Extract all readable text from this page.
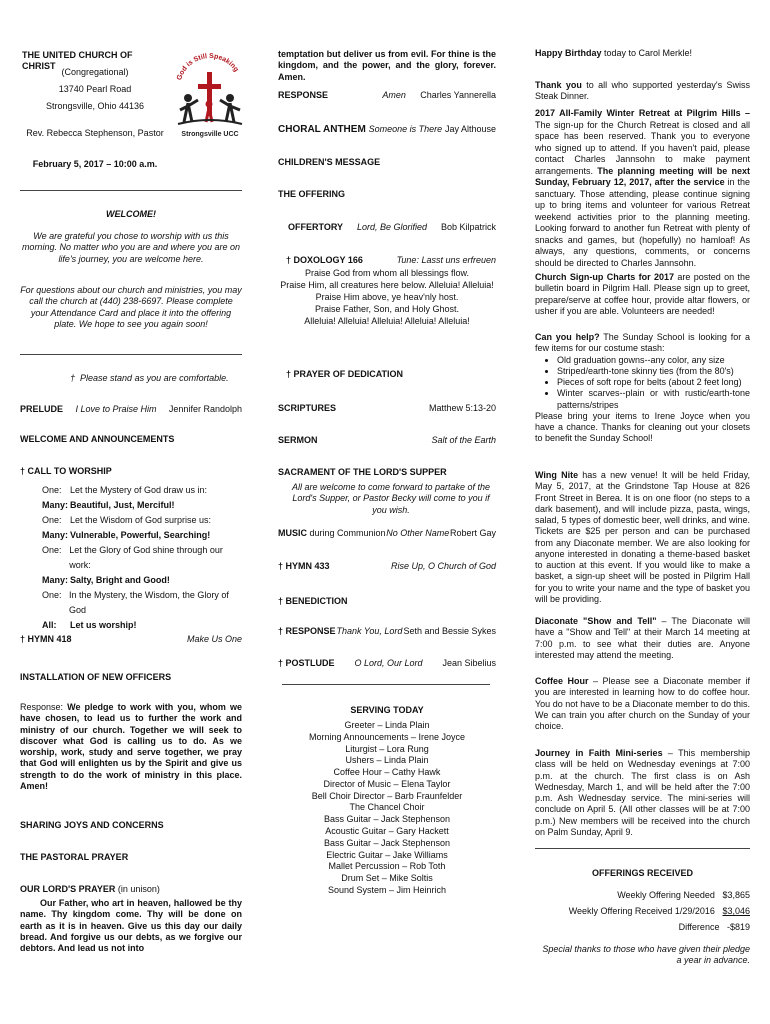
THE UNITED CHURCH OF CHRIST
(Congregational)
13740 Pearl Road
Strongsville, Ohio 44136
Rev. Rebecca Stephenson, Pastor
February 5, 2017 – 10:00 a.m.
God is Still Speaking
Strongsville UCC
WELCOME!
We are grateful you chose to worship with us this morning. No matter who you are and where you are on life's journey, you are welcome here.
For questions about our church and ministries, you may call the church at (440) 238-6697. Please complete your Attendance Card and place it into the offering plate. We hope to see you again soon!
† Please stand as you are comfortable.
PRELUDE I Love to Praise Him Jennifer Randolph
WELCOME AND ANNOUNCEMENTS
† CALL TO WORSHIP
One: Let the Mystery of God draw us in:
Many: Beautiful, Just, Merciful!
One: Let the Wisdom of God surprise us:
Many: Vulnerable, Powerful, Searching!
One: Let the Glory of God shine through our work:
Many: Salty, Bright and Good!
One: In the Mystery, the Wisdom, the Glory of God
All:	Let us worship!
† HYMN 418	Make Us One
INSTALLATION OF NEW OFFICERS
Response: We pledge to work with you, whom we have chosen, to lead us to further the work and ministry of our church. Together we will seek to discover what God is calling us to do. As we worship, work, study and serve together, we pray that God will enlighten us by the Spirit and give us strength to do the work of ministry in this place. Amen!
SHARING JOYS AND CONCERNS
THE PASTORAL PRAYER
OUR LORD'S PRAYER (in unison)
Our Father, who art in heaven, hallowed be thy name. Thy kingdom come. Thy will be done on earth as it is in heaven. Give us this day our daily bread. And forgive us our debts, as we forgive our debtors. And lead us not into
temptation but deliver us from evil. For thine is the kingdom, and the power, and the glory, forever. Amen.
RESPONSE	Amen Charles Yannerella
CHORAL ANTHEM Someone is There Jay Althouse
CHILDREN'S MESSAGE
THE OFFERING
OFFERTORY Lord, Be Glorified Bob Kilpatrick
† DOXOLOGY 166	Tune: Lasst uns erfreuen
Praise God from whom all blessings flow.
Praise Him, all creatures here below. Alleluia! Alleluia!
Praise Him above, ye heav'nly host.
Praise Father, Son, and Holy Ghost.
Alleluia! Alleluia! Alleluia! Alleluia! Alleluia!
† PRAYER OF DEDICATION
SCRIPTURES	Matthew 5:13-20
SERMON	Salt of the Earth
SACRAMENT OF THE LORD'S SUPPER
All are welcome to come forward to partake of the Lord's Supper, or Pastor Becky will come to you if you wish.
MUSIC during Communion No Other Name Robert Gay
† HYMN 433	Rise Up, O Church of God
† BENEDICTION
† RESPONSE Thank You, Lord Seth and Bessie Sykes
† POSTLUDE O Lord, Our Lord Jean Sibelius
SERVING TODAY
Greeter – Linda Plain
Morning Announcements – Irene Joyce
Liturgist – Lora Rung
Ushers – Linda Plain
Coffee Hour – Cathy Hawk
Director of Music – Elena Taylor
Bell Choir Director – Barb Fraunfelder
The Chancel Choir
Bass Guitar – Jack Stephenson
Acoustic Guitar – Gary Hackett
Bass Guitar – Jack Stephenson
Electric Guitar – Jake Williams
Mallet Percussion – Rob Toth
Drum Set – Mike Soltis
Sound System – Jim Heinrich
Happy Birthday today to Carol Merkle!
Thank you to all who supported yesterday's Swiss Steak Dinner.
2017 All-Family Winter Retreat at Pilgrim Hills – The sign-up for the Church Retreat is closed and all space has been reserved. Thank you to everyone who signed up to attend. If you haven't paid, please contact Charles Jannsohn to make payment arrangements. The planning meeting will be next Sunday, February 12, 2017, after the service in the sanctuary. Those attending, please continue signing up to bring items and volunteer for various Retreat weekend activities prior to the planning meeting. Looking forward to another fun Retreat with plenty of snacks and games, but (hopefully) no hamloaf! As always, any questions, comments, or concerns should be directed to Charles Jannsohn.
Church Sign-up Charts for 2017 are posted on the bulletin board in Pilgrim Hall. Please sign up to greet, prepare/serve at coffee hour, provide altar flowers, or usher if you are able. Volunteers are needed!
Can you help? The Sunday School is looking for a few items for our costume stash:
• Old graduation gowns--any color, any size
• Striped/earth-tone skinny ties (from the 80's)
• Pieces of soft rope for belts (about 2 feet long)
• Winter scarves--plain or with rustic/earth-tone patterns/stripes
Please bring your items to Irene Joyce when you have a chance. Thanks for cleaning out your closets to benefit the Sunday School!
Wing Nite has a new venue! It will be held Friday, May 5, 2017, at the Grindstone Tap House at 826 Front Street in Berea. It is on one floor (no steps to a dark basement), and will include pizza, pasta, wings, salad, 5 types of domestic beer, well drinks, and wine. Tickets are $25 per person and can be purchased from any Diaconate member. We are also looking for anyone interested in donating a theme-based basket to auction at this event. If you would like to make a basket, a sign-up sheet will be posted in Pilgrim Hall for you to write your name and the type of basket you will be providing.
Diaconate "Show and Tell" – The Diaconate will have a "Show and Tell" at their March 14 meeting at 7:00 p.m. to see what their duties are. Anyone interested may attend the meeting.
Coffee Hour – Please see a Diaconate member if you are interested in learning how to do coffee hour. You do not have to be a Diaconate member to do this. We can train you after church on the Sunday of your choice.
Journey in Faith Mini-series – This membership class will be held on Wednesday evenings at 7:00 p.m. at the church. The first class is on Ash Wednesday, March 1, and will be held after the 7:00 p.m. Ash Wednesday service. The mini-series will conclude on April 5. (All other classes will be at 7:00 p.m.) New members will be received into the church on Palm Sunday, April 9.
OFFERINGS RECEIVED
Weekly Offering Needed $3,865
Weekly Offering Received 1/29/2016 $3,046
Difference -$819
Special thanks to those who have given their pledge a year in advance.
